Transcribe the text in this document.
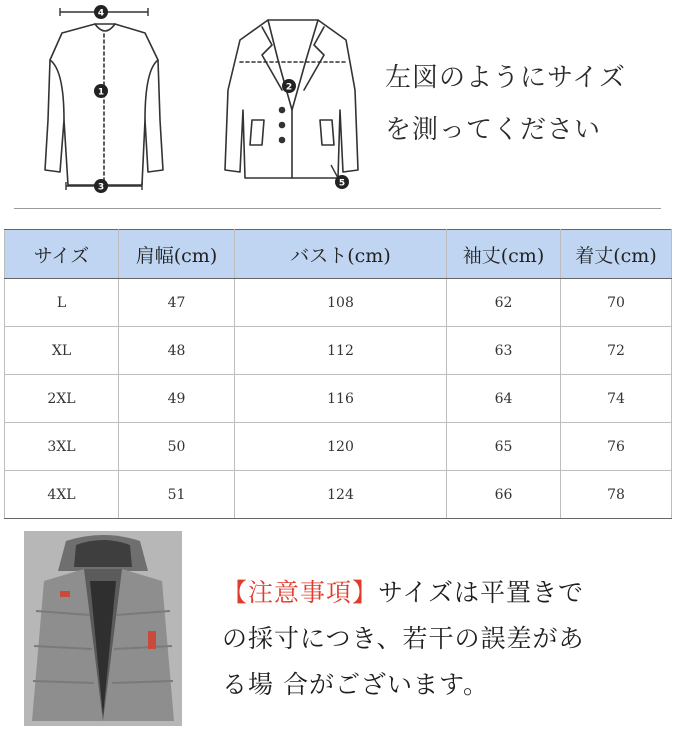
4
1
3
2
5
左図のようにサイズ
を測ってください
サイズ	肩幅(cm)	バスト(cm)	袖丈(cm)	着丈(cm)
L	47	108	62	70
XL	48	112	63	72
2XL	49	116	64	74
3XL	50	120	65	76
4XL	51	124	66	78
【注意事項】サイズは平置きで
の採寸につき、若干の誤差があ
る場 合がございます。
